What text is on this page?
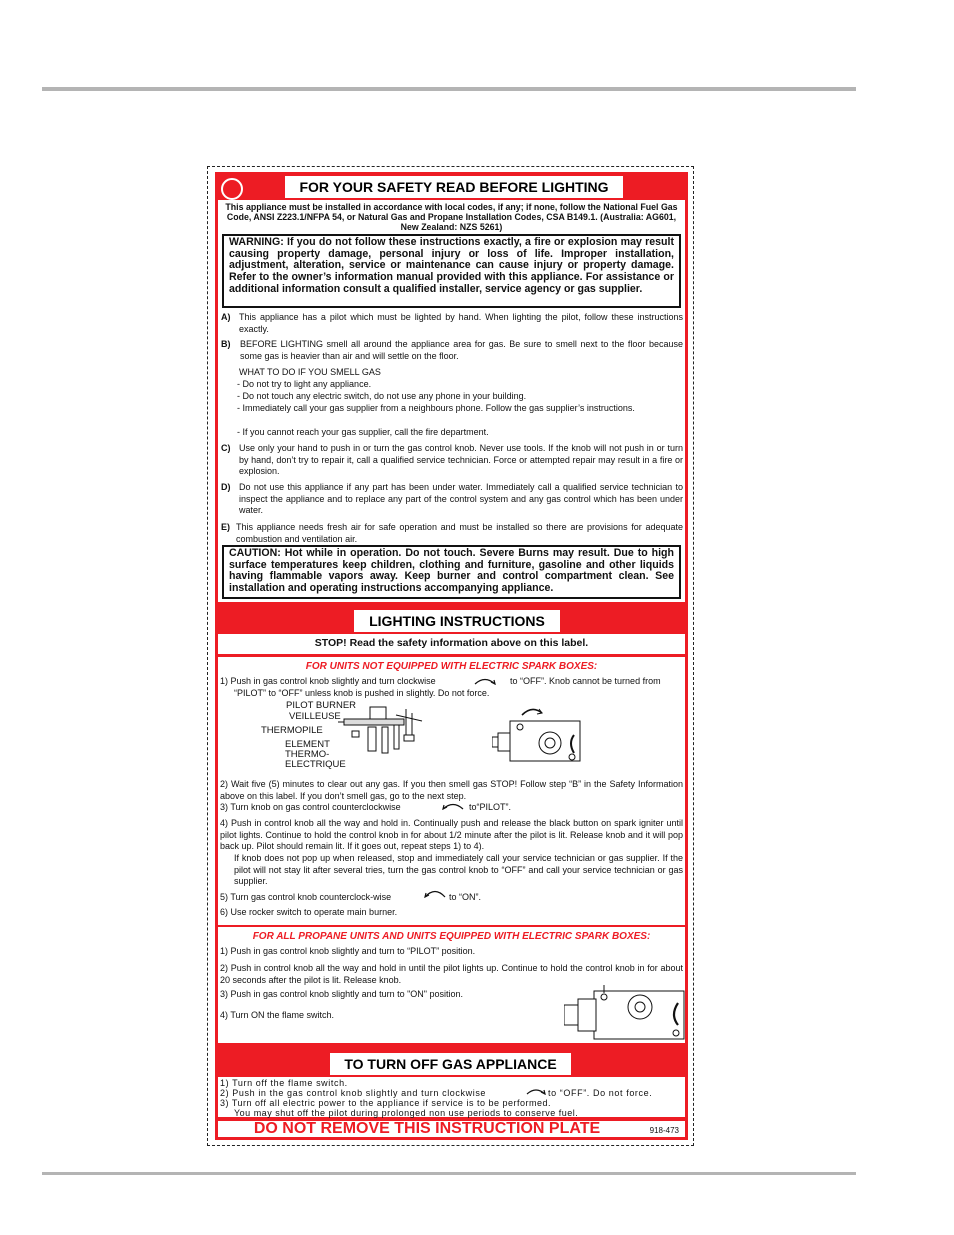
FOR YOUR SAFETY READ BEFORE LIGHTING
This appliance must be installed in accordance with local codes, if any; if none, follow the National Fuel Gas Code, ANSI Z223.1/NFPA 54, or Natural Gas and Propane Installation Codes, CSA B149.1. (Australia: AG601, New Zealand: NZS 5261)
WARNING: If you do not follow these instructions exactly, a fire or explosion may result causing property damage, personal injury or loss of life. Improper installation, adjustment, alteration, service or maintenance can cause injury or property damage. Refer to the owner’s information manual provided with this appliance. For assistance or additional information consult a qualified installer, service agency or gas supplier.
A) This appliance has a pilot which must be lighted by hand. When lighting the pilot, follow these instructions exactly.
B) BEFORE LIGHTING smell all around the appliance area for gas. Be sure to smell next to the floor because some gas is heavier than air and will settle on the floor.
WHAT TO DO IF YOU SMELL GAS
- Do not try to light any appliance.
- Do not touch any electric switch, do not use any phone in your building.
- Immediately call your gas supplier from a neighbours phone. Follow the gas supplier’s instructions.
- If you cannot reach your gas supplier, call the fire department.
C) Use only your hand to push in or turn the gas control knob. Never use tools. If the knob will not push in or turn by hand, don’t try to repair it, call a qualified service technician. Force or attempted repair may result in a fire or explosion.
D) Do not use this appliance if any part has been under water. Immediately call a qualified service technician to inspect the appliance and to replace any part of the control system and any gas control which has been under water.
E) This appliance needs fresh air for safe operation and must be installed so there are provisions for adequate combustion and ventilation air.
CAUTION: Hot while in operation. Do not touch. Severe Burns may result. Due to high surface temperatures keep children, clothing and furniture, gasoline and other liquids having flammable vapors away. Keep burner and control compartment clean. See installation and operating instructions accompanying appliance.
LIGHTING INSTRUCTIONS
STOP! Read the safety information above on this label.
FOR UNITS NOT EQUIPPED WITH ELECTRIC SPARK BOXES:
1) Push in gas control knob slightly and turn clockwise	to “OFF”. Knob cannot be turned from
“PILOT” to “OFF” unless knob is pushed in slightly. Do not force.
PILOT BURNER
VEILLEUSE
THERMOPILE
ELEMENT
THERMO-
ELECTRIQUE
2) Wait five (5) minutes to clear out any gas. If you then smell gas STOP! Follow step “B” in the Safety Information above on this label. If you don’t smell gas, go to the next step.
3) Turn knob on gas control counterclockwise	to“PILOT”.
4) Push in control knob all the way and hold in. Continually push and release the black button on spark igniter until pilot lights. Continue to hold the control knob in for about 1/2 minute after the pilot is lit. Release knob and it will pop back up. Pilot should remain lit. If it goes out, repeat steps 1) to 4).
If knob does not pop up when released, stop and immediately call your service technician or gas supplier. If the pilot will not stay lit after several tries, turn the gas control knob to “OFF” and call your service technician or gas supplier.
5) Turn gas control knob counterclock-wise	to “ON”.
6) Use rocker switch to operate main burner.
FOR ALL PROPANE UNITS AND UNITS EQUIPPED WITH ELECTRIC SPARK BOXES:
1) Push in gas control knob slightly and turn to “PILOT” position.
2) Push in control knob all the way and hold in until the pilot lights up. Continue to hold the control knob in for about 20 seconds after the pilot is lit. Release knob.
3) Push in gas control knob slightly and turn to "ON" position.
4) Turn ON the flame switch.
TO TURN OFF GAS APPLIANCE
1) Turn off the flame switch.
2) Push in the gas control knob slightly and turn clockwise	to “OFF”. Do not force.
3) Turn off all electric power to the appliance if service is to be performed.
You may shut off the pilot during prolonged non use periods to conserve fuel.
DO NOT REMOVE THIS INSTRUCTION PLATE	918-473
